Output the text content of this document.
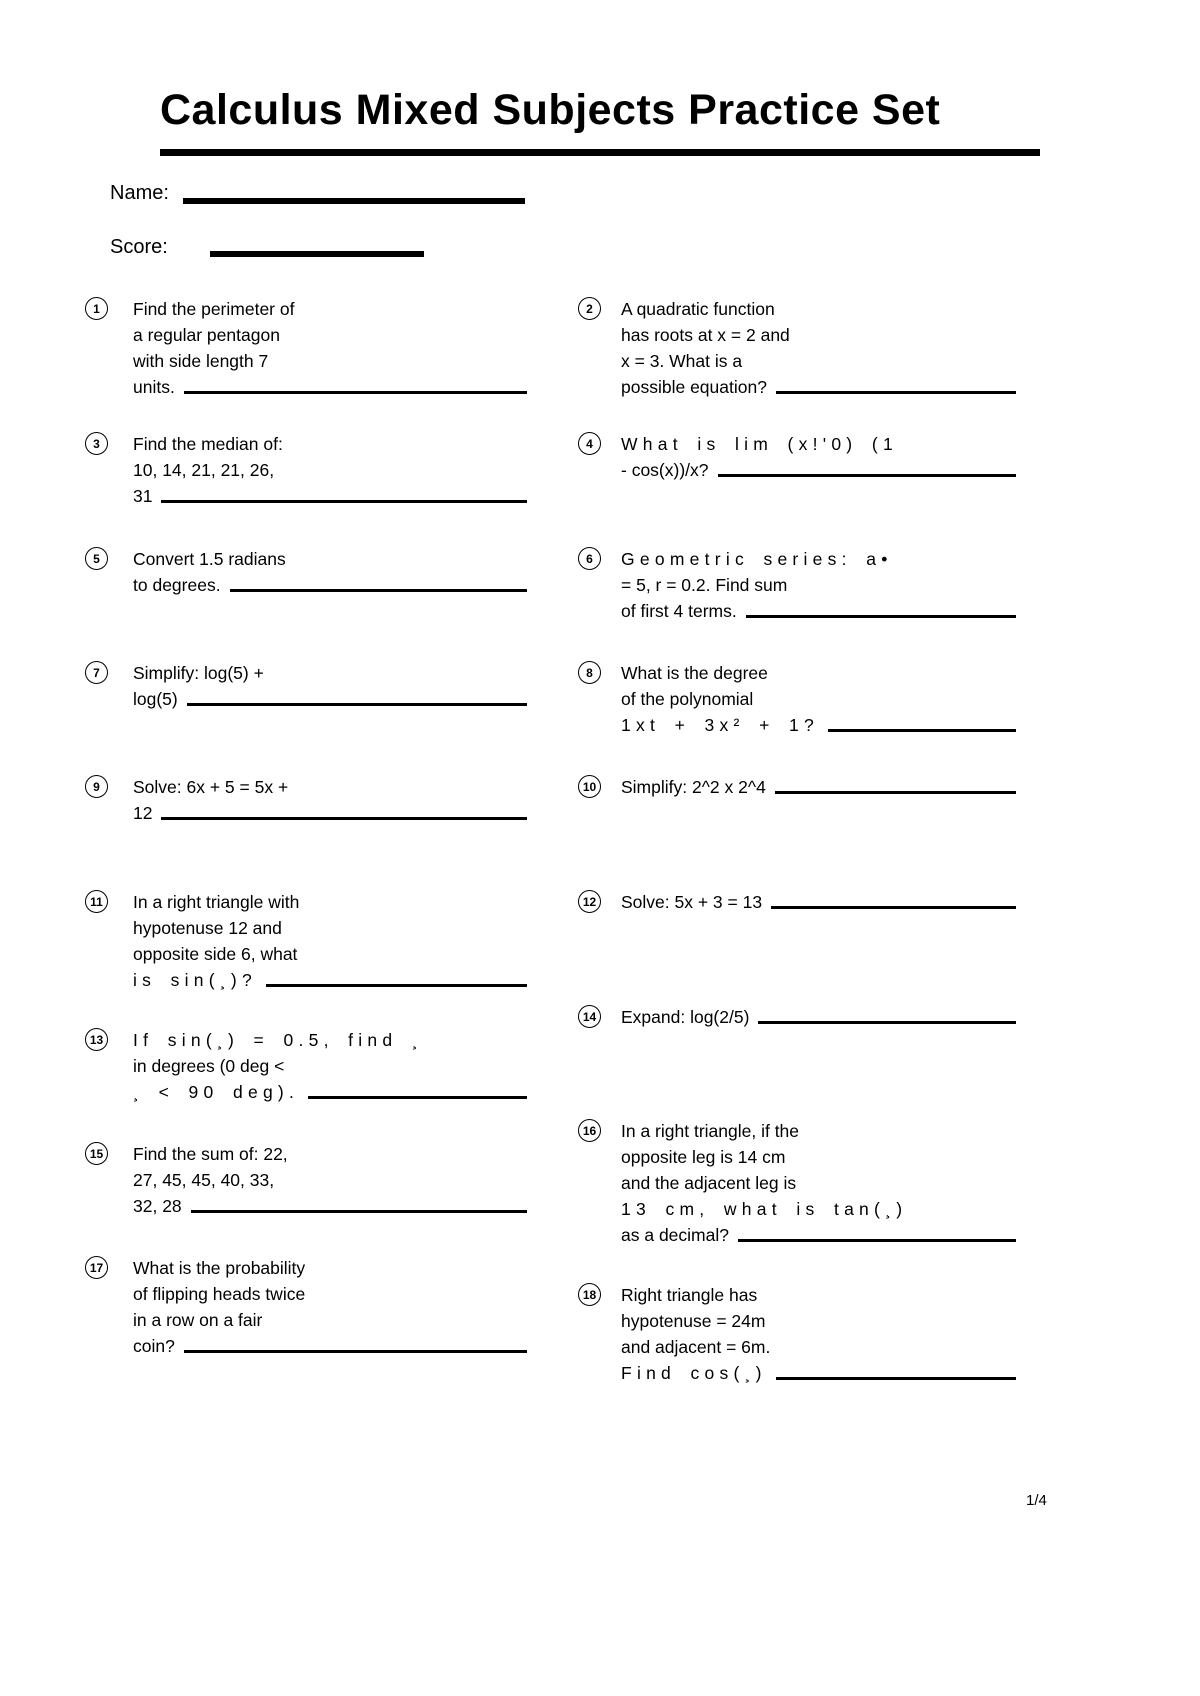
Calculus Mixed Subjects Practice Set
Name:
Score:
1	Find the perimeter of
a regular pentagon
with side length 7
units.
2	A quadratic function
has roots at x = 2 and
x = 3. What is a
possible equation?
3	Find the median of:
10, 14, 21, 21, 26,
31
4	What is lim (x!'0) (1
- cos(x))/x?
5	Convert 1.5 radians
to degrees.
6	Geometric series: a•
= 5, r = 0.2. Find sum
of first 4 terms.
7	Simplify: log(5) +
log(5)
8	What is the degree
of the polynomial
1xt + 3x² + 1?
9	Solve: 6x + 5 = 5x +
12
10 Simplify: 2^2 x 2^4
11 In a right triangle with
hypotenuse 12 and
opposite side 6, what
is sin(¸)?
12 Solve: 5x + 3 = 13
13 If sin(¸) = 0.5, find ¸
in degrees (0 deg <
¸ < 90 deg).
14 Expand: log(2/5)
15 Find the sum of: 22,
27, 45, 45, 40, 33,
32, 28
16 In a right triangle, if the
opposite leg is 14 cm
and the adjacent leg is
13 cm, what is tan(¸)
as a decimal?
17 What is the probability
of flipping heads twice
in a row on a fair
coin?
18 Right triangle has
hypotenuse = 24m
and adjacent = 6m.
Find cos(¸)
1/4
